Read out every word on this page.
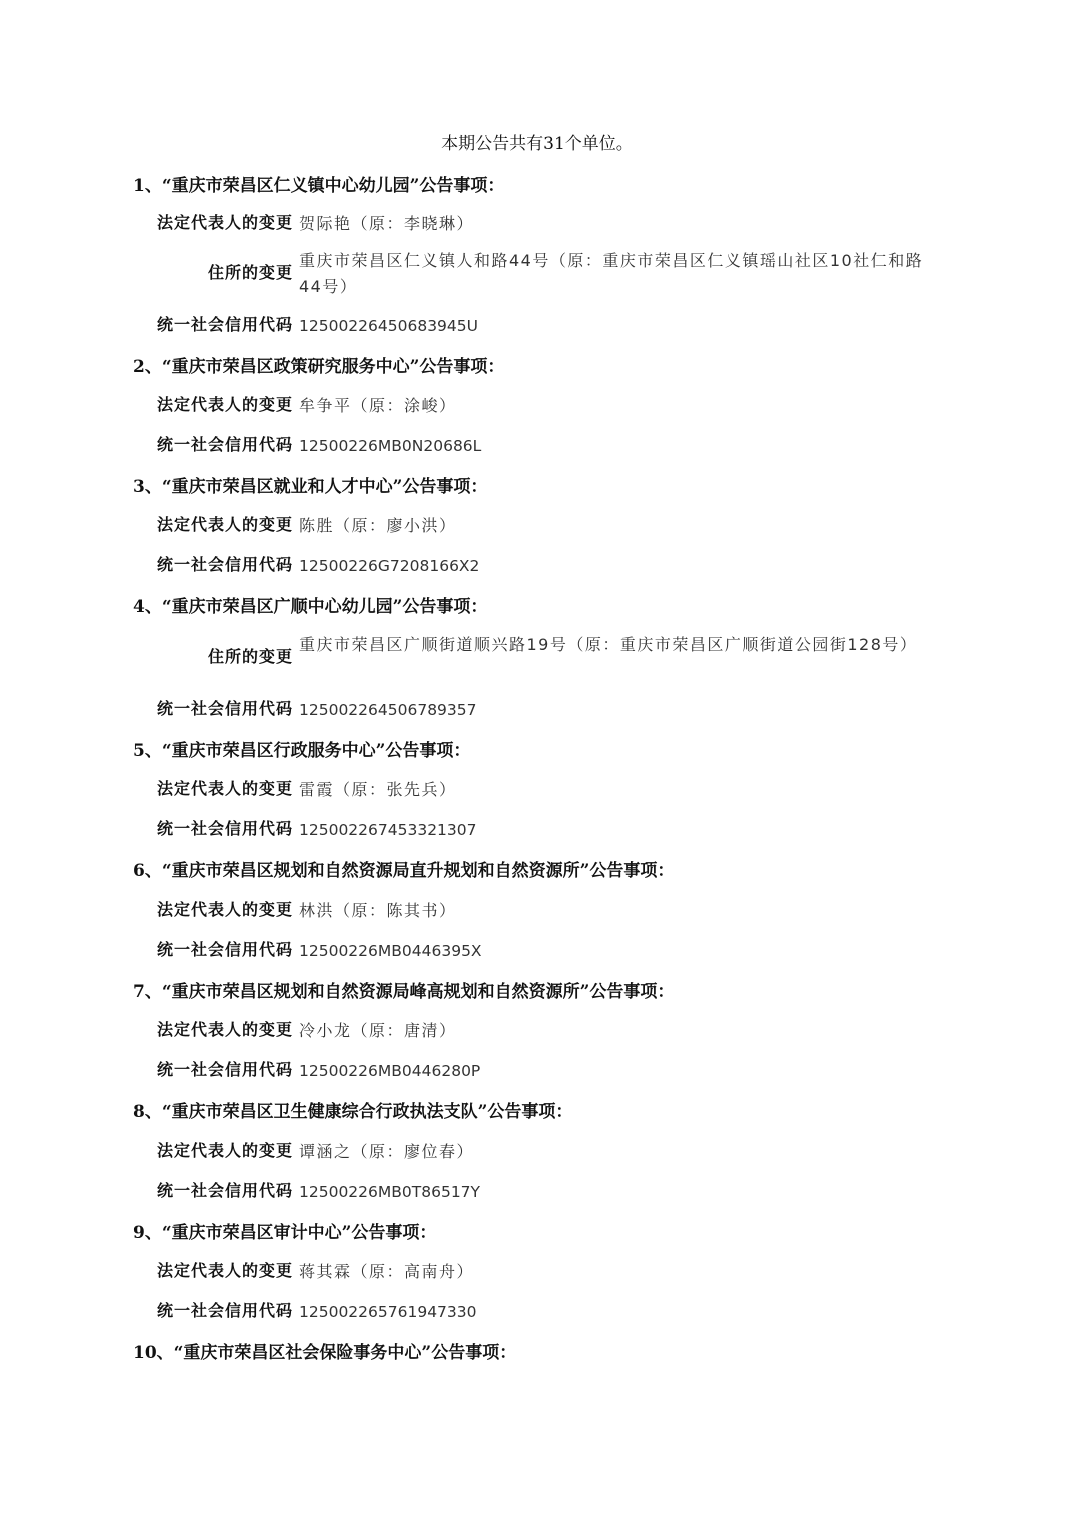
本期公告共有31个单位。
1、“重庆市荣昌区仁义镇中心幼儿园”公告事项：
法定代表人的变更 贺际艳（原：李晓琳）
住所的变更
重庆市荣昌区仁义镇人和路44号（原：重庆市荣昌区仁义镇瑶山社区10社仁和路44号）
统一社会信用代码 12500226450683945U
2、“重庆市荣昌区政策研究服务中心”公告事项：
法定代表人的变更 牟争平（原：涂峻）
统一社会信用代码 12500226MB0N20686L
3、“重庆市荣昌区就业和人才中心”公告事项：
法定代表人的变更 陈胜（原：廖小洪）
统一社会信用代码 12500226G7208166X2
4、“重庆市荣昌区广顺中心幼儿园”公告事项：
住所的变更
重庆市荣昌区广顺街道顺兴路19号（原：重庆市荣昌区广顺街道公园街128号）
统一社会信用代码 125002264506789357
5、“重庆市荣昌区行政服务中心”公告事项：
法定代表人的变更 雷霞（原：张先兵）
统一社会信用代码 125002267453321307
6、“重庆市荣昌区规划和自然资源局直升规划和自然资源所”公告事项：
法定代表人的变更 林洪（原：陈其书）
统一社会信用代码 12500226MB0446395X
7、“重庆市荣昌区规划和自然资源局峰高规划和自然资源所”公告事项：
法定代表人的变更 冷小龙（原：唐清）
统一社会信用代码 12500226MB0446280P
8、“重庆市荣昌区卫生健康综合行政执法支队”公告事项：
法定代表人的变更 谭涵之（原：廖位春）
统一社会信用代码 12500226MB0T86517Y
9、“重庆市荣昌区审计中心”公告事项：
法定代表人的变更 蒋其霖（原：高南舟）
统一社会信用代码 125002265761947330
10、“重庆市荣昌区社会保险事务中心”公告事项：
